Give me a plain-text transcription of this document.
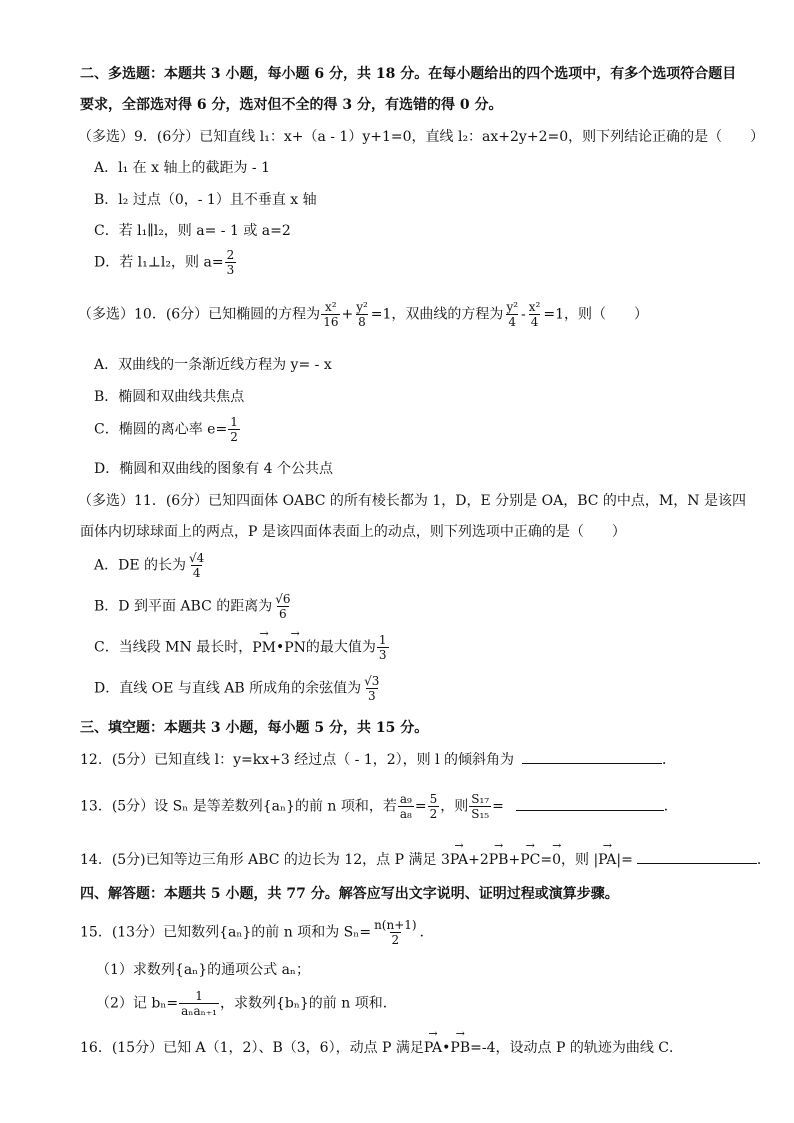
二、多选题：本题共 3 小题，每小题 6 分，共 18 分。在每小题给出的四个选项中，有多个选项符合题目
要求，全部选对得 6 分，选对但不全的得 3 分，有选错的得 0 分。
（多选）9．(6分）已知直线 l₁：x+（a - 1）y+1=0，直线 l₂：ax+2y+2=0，则下列结论正确的是（　　）
A．l₁ 在 x 轴上的截距为 - 1
B．l₂ 过点（0，- 1）且不垂直 x 轴
C．若 l₁∥l₂，则 a= - 1 或 a=2
D．若 l₁⊥l₂，则 $a= \frac{2}{3}$
（多选）10．(6分）已知椭圆的方程为 $\frac{\text{x²}}{16} + \frac{\text{y²}}{8} =1$，双曲线的方程为 $\frac{\text{y²}}{4} - \frac{\text{x²}}{4} =1$，则（　　）
A．双曲线的一条渐近线方程为 y= - x
B．椭圆和双曲线共焦点
C．椭圆的离心率 $e= \frac{1}{2}$
D．椭圆和双曲线的图象有 4 个公共点
（多选）11．(6分）已知四面体 OABC 的所有棱长都为 1，D，E 分别是 OA，BC 的中点，M，N 是该四
面体内切球球面上的两点，P 是该四面体表面上的动点，则下列选项中正确的是（　　）
A．DE 的长为 $\frac{√4}{4}$
B．D 到平面 ABC 的距离为 $\frac{√6}{6}$
C．当线段 MN 最长时，→ PM•→ PN的最大值为 $\frac{1}{3}$
D．直线 OE 与直线 AB 所成角的余弦值为 $\frac{√3}{3}$
三、填空题：本题共 3 小题，每小题 5 分，共 15 分。
12．(5分）已知直线 l：y=kx+3 经过点（ - 1，2），则 l 的倾斜角为	．
13．(5分）设 Sₙ 是等差数列{aₙ}的前 n 项和，若 $\frac{\text{a₉}}{\text{a₈}} = \frac{5}{2}$ ，则 $\frac{\text{S₁₇}}{\text{S₁₅}}$ =	．
14．(5分)已知等边三角形 ABC 的边长为 12，点 P 满足 3→ PA+2→ PB+→ PC=→ 0，则 |→ PA|=	．
四、解答题：本题共 5 小题，共 77 分。解答应写出文字说明、证明过程或演算步骤。
15．(13分）已知数列{aₙ}的前 n 项和为 $S_n= \frac{n(n+1)}{2}$ ．
（1）求数列{aₙ}的通项公式 aₙ；
（2）记 $b_n= \frac{1}{\text{aₙaₙ₊₁}}$ ，求数列{bₙ}的前 n 项和．
16．(15分）已知 A（1，2）、B（3，6），动点 P 满足→ PA•→ PB=-4，设动点 P 的轨迹为曲线 C．
